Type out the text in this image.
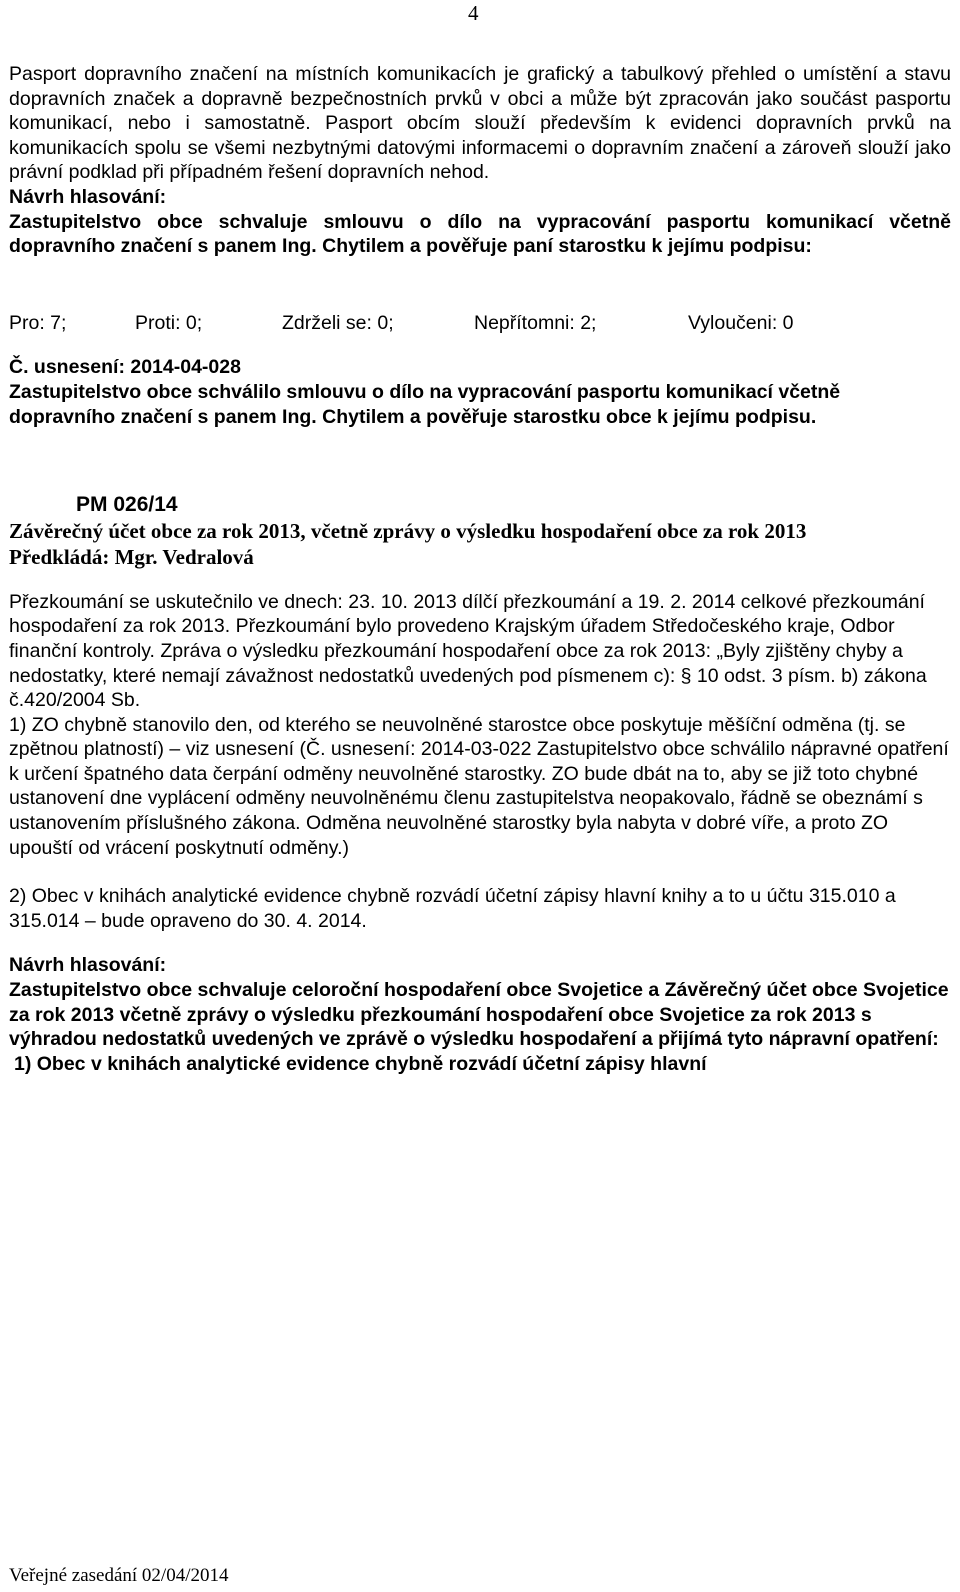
4

Pasport dopravního značení na místních komunikacích je grafický a tabulkový přehled o umístění a stavu dopravních značek a dopravně bezpečnostních prvků v obci a může být zpracován jako součást pasportu komunikací, nebo i samostatně. Pasport obcím slouží především k evidenci dopravních prvků na komunikacích spolu se všemi nezbytnými datovými informacemi o dopravním značení a zároveň slouží jako právní podklad při případném řešení dopravních nehod.

Návrh hlasování:

Zastupitelstvo obce schvaluje smlouvu o dílo na vypracování pasportu komunikací včetně dopravního značení s panem Ing. Chytilem a pověřuje paní starostku k jejímu podpisu:

Pro: 7;	Proti: 0;	Zdrželi se: 0;	Nepřítomni: 2;	Vyloučeni: 0

Č. usnesení: 2014-04-028

Zastupitelstvo obce schválilo smlouvu o dílo na vypracování pasportu komunikací včetně dopravního značení s panem Ing. Chytilem a pověřuje starostku obce k jejímu podpisu.

PM 026/14

Závěrečný účet obce za rok 2013, včetně zprávy o výsledku hospodaření obce za rok 2013

Předkládá: Mgr. Vedralová

Přezkoumání se uskutečnilo ve dnech: 23. 10. 2013 dílčí přezkoumání a 19. 2. 2014 celkové přezkoumání hospodaření za rok 2013. Přezkoumání bylo provedeno Krajským úřadem Středočeského kraje, Odbor finanční kontroly. Zpráva o výsledku přezkoumání hospodaření obce za rok 2013: „Byly zjištěny chyby a nedostatky, které nemají závažnost nedostatků uvedených pod písmenem c): § 10 odst. 3 písm. b) zákona č.420/2004 Sb.

1) ZO chybně stanovilo den, od kterého se neuvolněné starostce obce poskytuje měšíční odměna (tj. se zpětnou platností) – viz usnesení (Č. usnesení: 2014-03-022 Zastupitelstvo obce schválilo nápravné opatření k určení špatného data čerpání odměny neuvolněné starostky. ZO bude dbát na to, aby se již toto chybné ustanovení dne vyplácení odměny neuvolněnému členu zastupitelstva neopakovalo, řádně se obeznámí s ustanovením příslušného zákona. Odměna neuvolněné starostky byla nabyta v dobré víře, a proto ZO upouští od vrácení poskytnutí odměny.)

2) Obec v knihách analytické evidence chybně rozvádí účetní zápisy hlavní knihy a to u účtu 315.010 a 315.014 – bude opraveno do 30. 4. 2014.

Návrh hlasování:

Zastupitelstvo obce schvaluje celoroční hospodaření obce Svojetice a Závěrečný účet obce Svojetice za rok 2013 včetně zprávy o výsledku přezkoumání hospodaření obce Svojetice za rok 2013 s výhradou nedostatků uvedených ve zprávě o výsledku hospodaření a přijímá tyto nápravní opatření:

1) Obec v knihách analytické evidence chybně rozvádí účetní zápisy hlavní

Veřejné zasedání 02/04/2014
